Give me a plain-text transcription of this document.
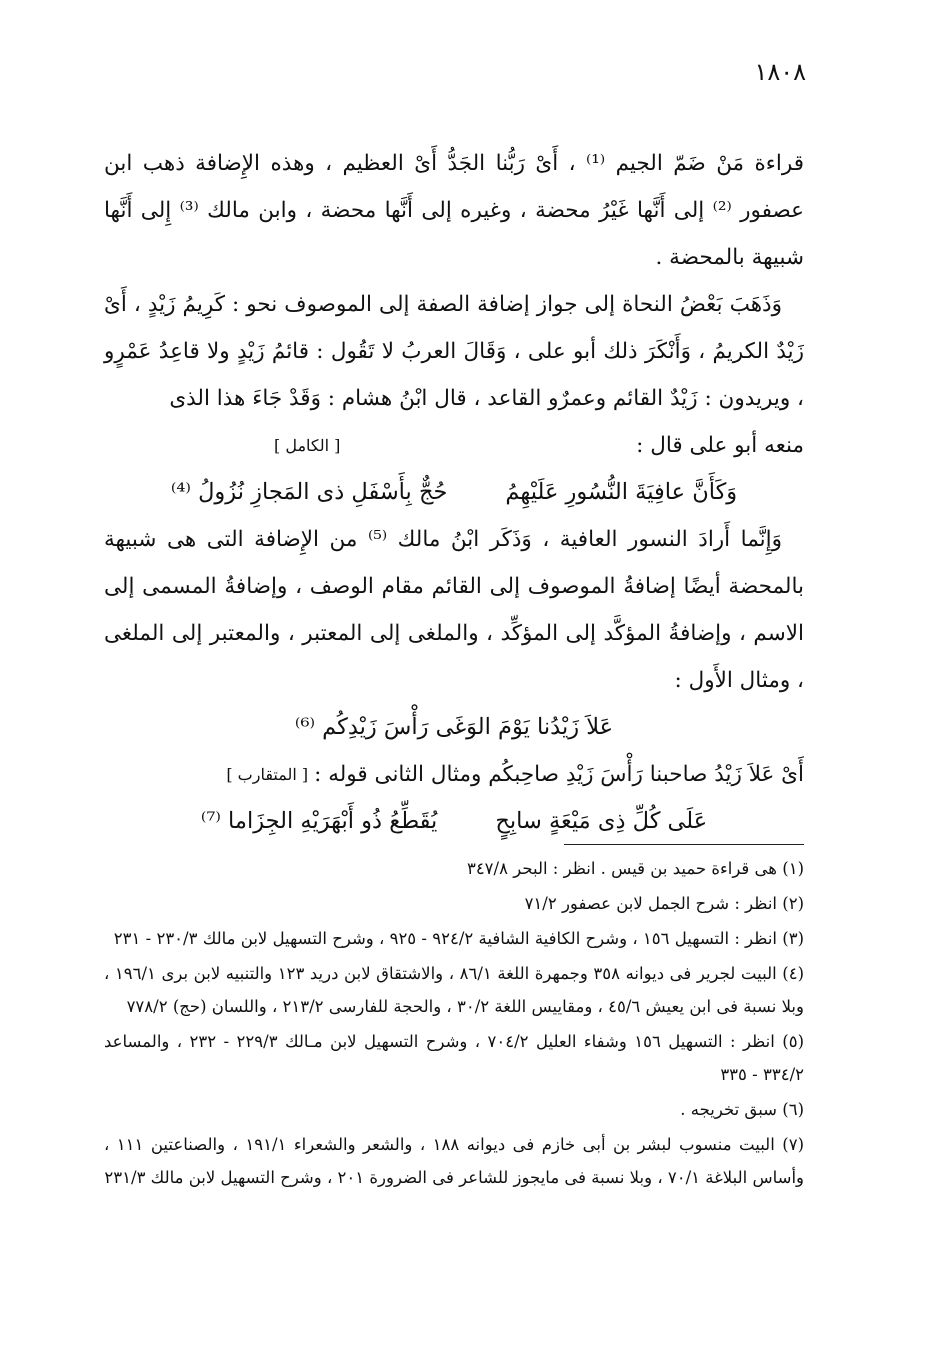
١٨٠٨

قراءة مَنْ ضَمّ الجيم ⁽¹⁾ ، أَىْ رَبُّنا الجَدُّ أَىْ العظيم ، وهذه الإِضافة ذهب ابن عصفور ⁽²⁾ إلى أَنَّها غَيْرُ محضة ، وغيره إلى أَنَّها محضة ، وابن مالك ⁽³⁾ إِلى أَنَّها شبيهة بالمحضة .

وَذَهَبَ بَعْضُ النحاة إلى جواز إضافة الصفة إلى الموصوف نحو : كَرِيمُ زَيْدٍ ، أَىْ زَيْدٌ الكريمُ ، وَأَنْكَرَ ذلك أبو على ، وَقَالَ العربُ لا تَقُول : قائمُ زَيْدٍ ولا قاعِدُ عَمْرٍو ، ويريدون : زَيْدٌ القائم وعمرٌو القاعد ، قال ابْنُ هشام : وَقَدْ جَاءَ هذا الذى

منعه أبو على قال :
[ الكامل ]

وَكَأَنَّ عافِيَةَ النُّسُورِ عَلَيْهِمُ
حُجٌّ بِأَسْفَلِ ذى المَجازِ نُزُولُ ⁽⁴⁾

وَإِنَّما أَرادَ النسور العافية ، وَذَكَر ابْنُ مالك ⁽⁵⁾ من الإِضافة التى هى شبيهة بالمحضة أيضًا إضافةُ الموصوف إلى القائم مقام الوصف ، وإضافةُ المسمى إلى الاسم ، وإضافةُ المؤكَّد إلى المؤكِّد ، والملغى إلى المعتبر ، والمعتبر إلى الملغى ، ومثال الأَول :

عَلاَ زَيْدُنا يَوْمَ الوَغَى رَأْسَ زَيْدِكُم ⁽⁶⁾

أَىْ عَلاَ زَيْدُ صاحبنا رَأْسَ زَيْدِ صاحِبكُم ومثال الثانى قوله :
[ المتقارب ]

عَلَى كُلِّ ذِى مَيْعَةٍ سابِحٍ
يُقَطِّعُ ذُو أَبْهَرَيْهِ الجِزَاما ⁽⁷⁾

(١) هى قراءة حميد بن قيس . انظر : البحر ٣٤٧/٨

(٢) انظر : شرح الجمل لابن عصفور ٧١/٢

(٣) انظر : التسهيل ١٥٦ ، وشرح الكافية الشافية ٩٢٤/٢ - ٩٢٥ ، وشرح التسهيل لابن مالك ٢٣٠/٣ - ٢٣١

(٤) البيت لجرير فى ديوانه ٣٥٨ وجمهرة اللغة ٨٦/١ ، والاشتقاق لابن دريد ١٢٣ والتنبيه لابن برى ١٩٦/١ ، وبلا نسبة فى ابن يعيش ٤٥/٦ ، ومقاييس اللغة ٣٠/٢ ، والحجة للفارسى ٢١٣/٢ ، واللسان (حج) ٧٧٨/٢

(٥) انظر : التسهيل ١٥٦ وشفاء العليل ٧٠٤/٢ ، وشرح التسهيل لابن مـالك ٢٢٩/٣ - ٢٣٢ ، والمساعد ٣٣٤/٢ - ٣٣٥

(٦) سبق تخريجه .

(٧) البيت منسوب لبشر بن أبى خازم فى ديوانه ١٨٨ ، والشعر والشعراء ١٩١/١ ، والصناعتين ١١١ ، وأساس البلاغة ٧٠/١ ، وبلا نسبة فى مايجوز للشاعر فى الضرورة ٢٠١ ، وشرح التسهيل لابن مالك ٢٣١/٣
